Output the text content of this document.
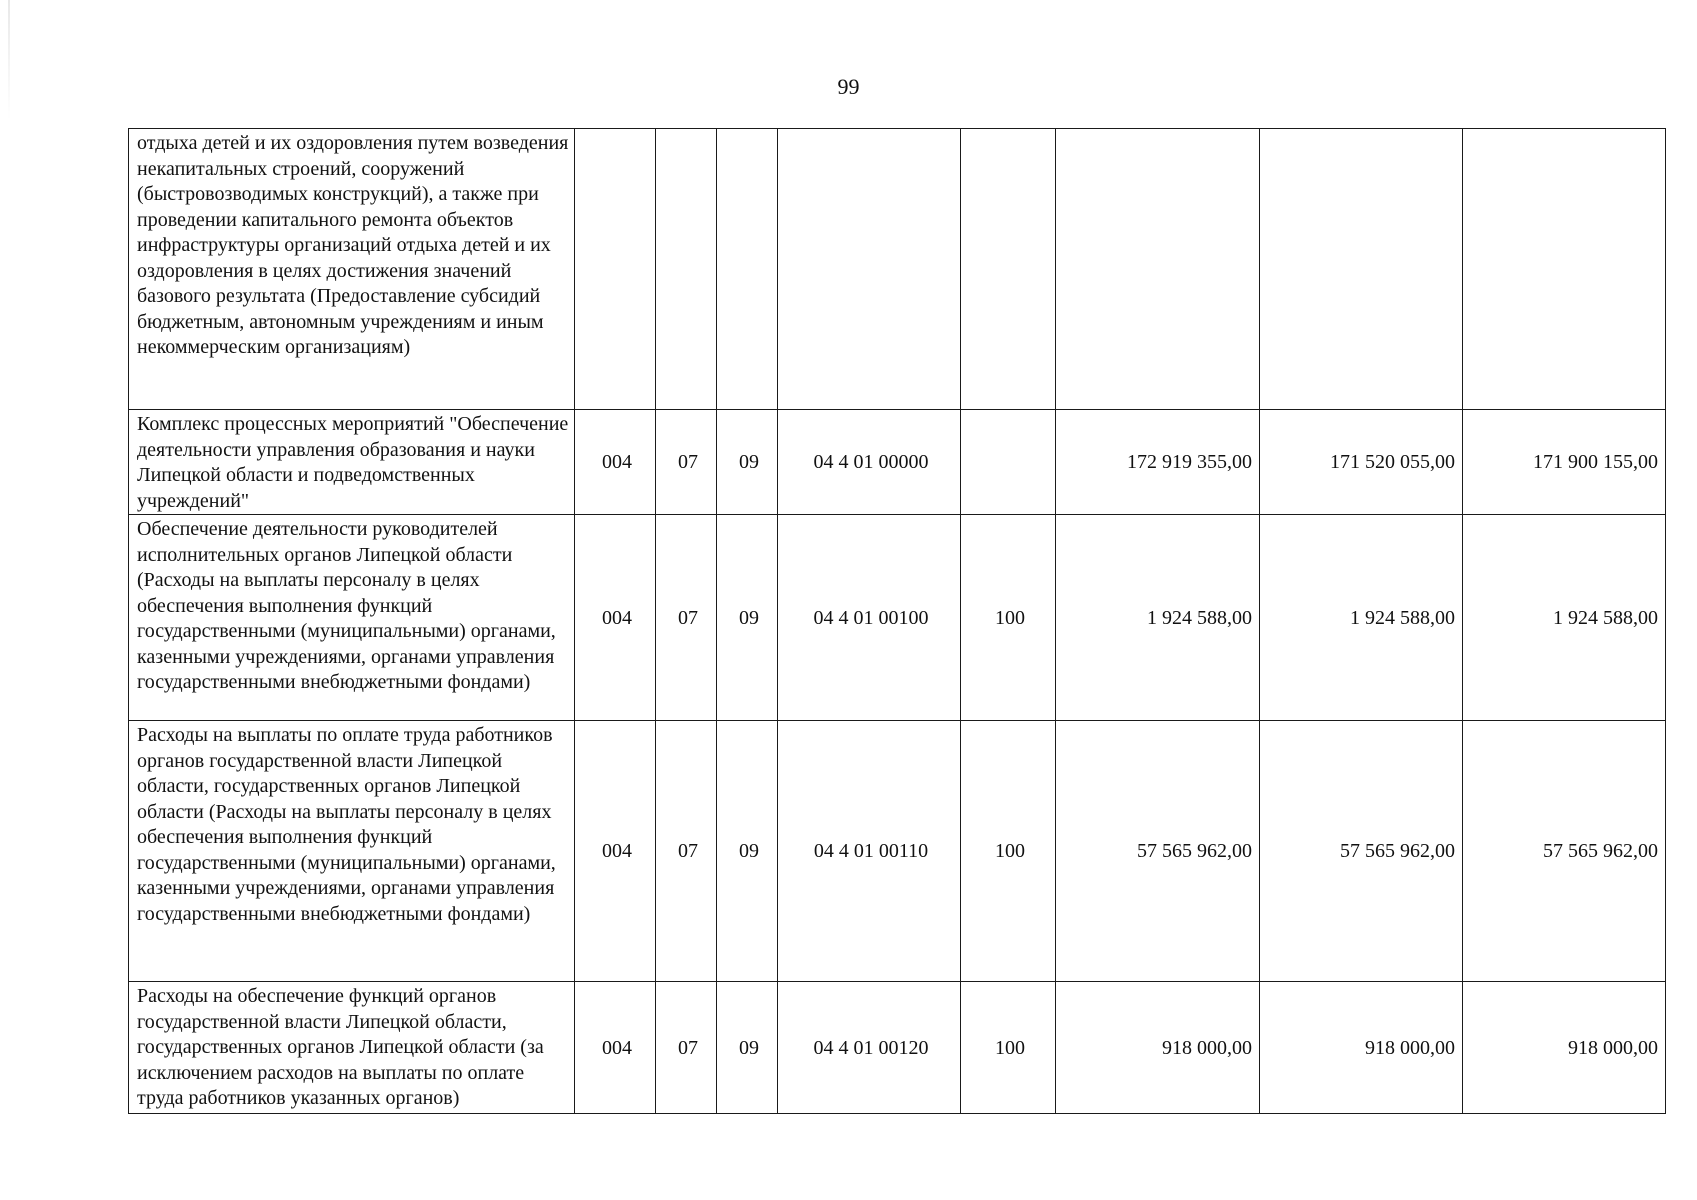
99
отдыха детей и их оздоровления путем возведения некапитальных строений, сооружений (быстровозводимых конструкций), а также при проведении капитального ремонта объектов инфраструктуры организаций отдыха детей и их оздоровления в целях достижения значений базового результата (Предоставление субсидий бюджетным, автономным учреждениям и иным некоммерческим организациям)								
Комплекс процессных мероприятий "Обеспечение деятельности управления образования и науки Липецкой области и подведомственных учреждений"	004	07	09	04 4 01 00000		172 919 355,00	171 520 055,00	171 900 155,00
Обеспечение деятельности руководителей исполнительных органов Липецкой области (Расходы на выплаты персоналу в целях обеспечения выполнения функций государственными (муниципальными) органами, казенными учреждениями, органами управления государственными внебюджетными фондами)	004	07	09	04 4 01 00100	100	1 924 588,00	1 924 588,00	1 924 588,00
Расходы на выплаты по оплате труда работников органов государственной власти Липецкой области, государственных органов Липецкой области (Расходы на выплаты персоналу в целях обеспечения выполнения функций государственными (муниципальными) органами, казенными учреждениями, органами управления государственными внебюджетными фондами)	004	07	09	04 4 01 00110	100	57 565 962,00	57 565 962,00	57 565 962,00
Расходы на обеспечение функций органов государственной власти Липецкой области, государственных органов Липецкой области (за исключением расходов на выплаты по оплате труда работников указанных органов)	004	07	09	04 4 01 00120	100	918 000,00	918 000,00	918 000,00
